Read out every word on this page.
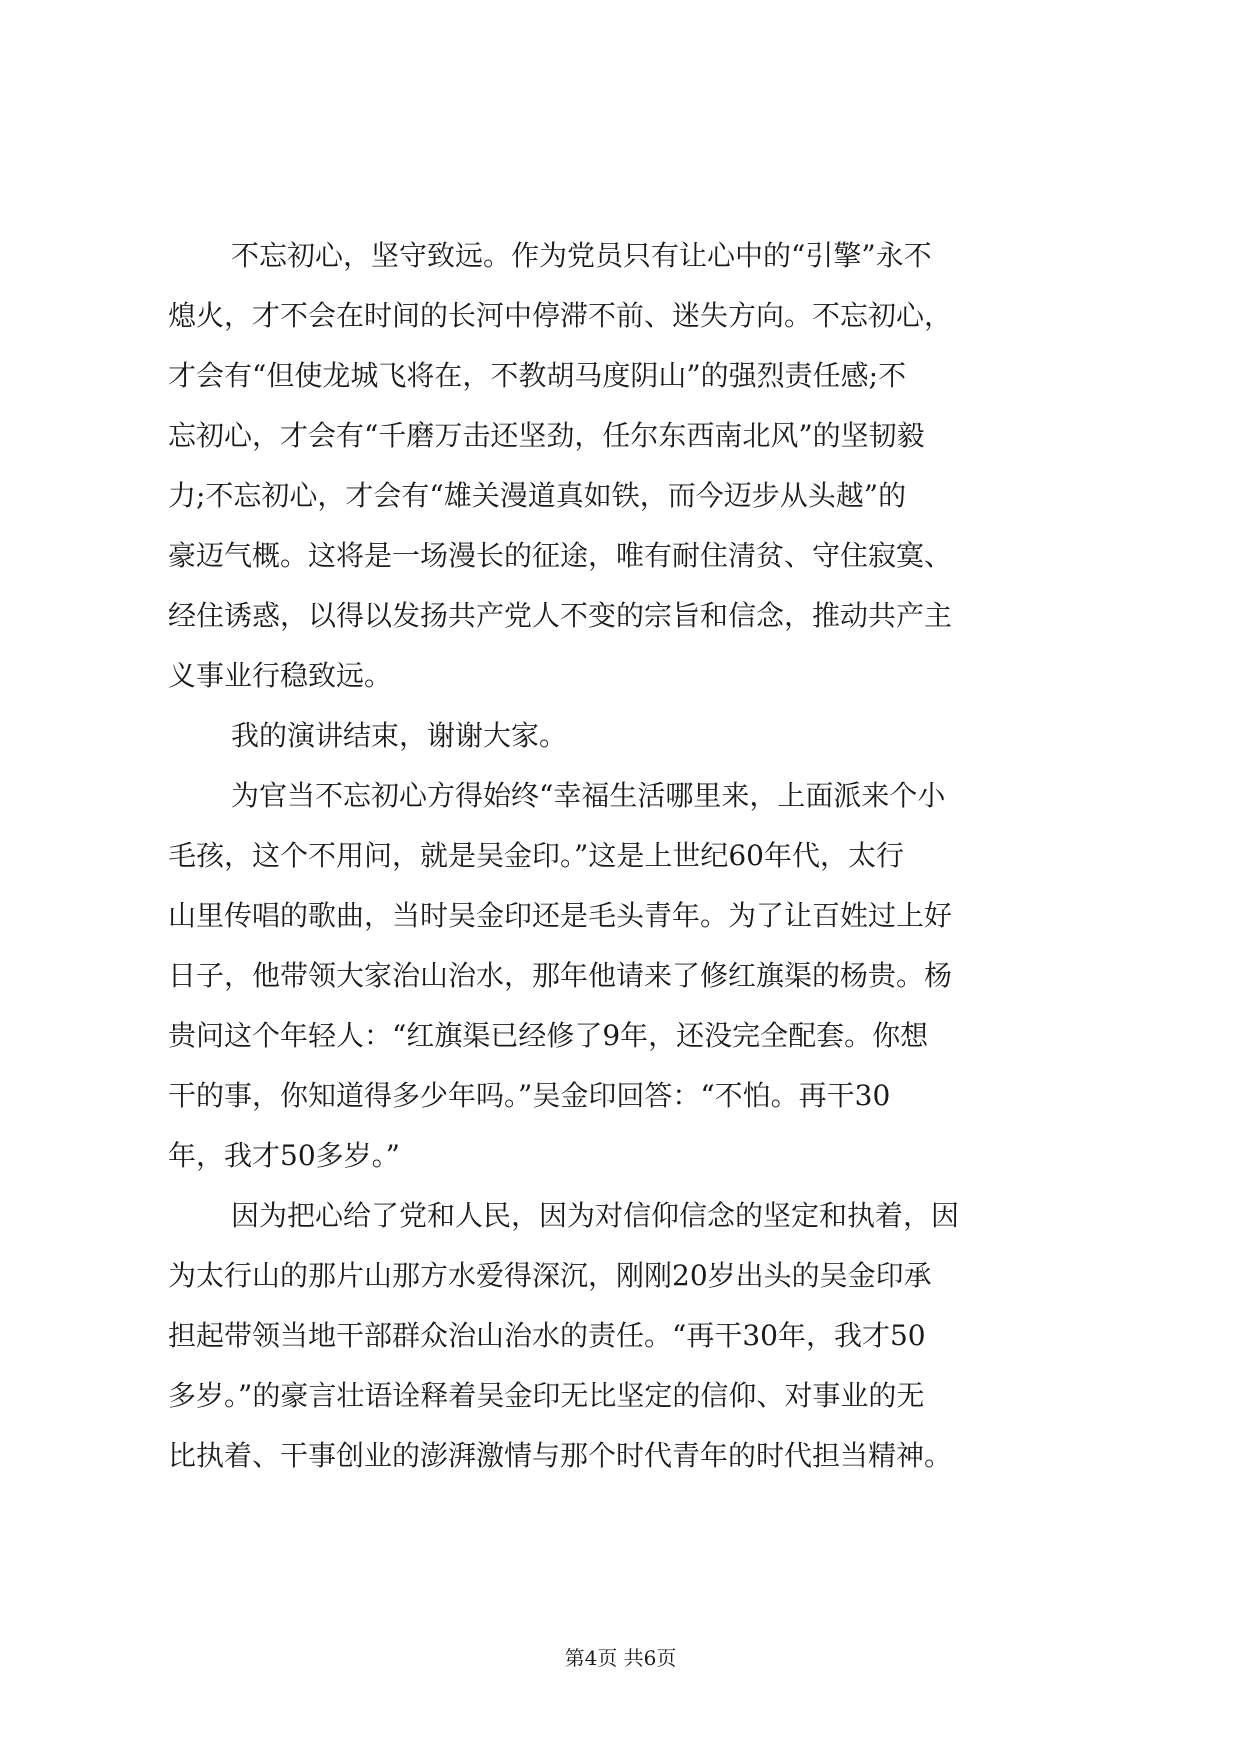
不忘初心，坚守致远。作为党员只有让心中的“引擎”永不
熄火，才不会在时间的长河中停滞不前、迷失方向。不忘初心，
才会有“但使龙城飞将在，不教胡马度阴山”的强烈责任感;不
忘初心，才会有“千磨万击还坚劲，任尔东西南北风”的坚韧毅
力;不忘初心，才会有“雄关漫道真如铁，而今迈步从头越”的
豪迈气概。这将是一场漫长的征途，唯有耐住清贫、守住寂寞、
经住诱惑，以得以发扬共产党人不变的宗旨和信念，推动共产主
义事业行稳致远。
我的演讲结束，谢谢大家。
为官当不忘初心方得始终“幸福生活哪里来，上面派来个小
毛孩，这个不用问，就是吴金印。”这是上世纪60年代，太行
山里传唱的歌曲，当时吴金印还是毛头青年。为了让百姓过上好
日子，他带领大家治山治水，那年他请来了修红旗渠的杨贵。杨
贵问这个年轻人：“红旗渠已经修了9年，还没完全配套。你想
干的事，你知道得多少年吗。”吴金印回答：“不怕。再干30
年，我才50多岁。”
因为把心给了党和人民，因为对信仰信念的坚定和执着，因
为太行山的那片山那方水爱得深沉，刚刚20岁出头的吴金印承
担起带领当地干部群众治山治水的责任。“再干30年，我才50
多岁。”的豪言壮语诠释着吴金印无比坚定的信仰、对事业的无
比执着、干事创业的澎湃激情与那个时代青年的时代担当精神。
第4页 共6页
